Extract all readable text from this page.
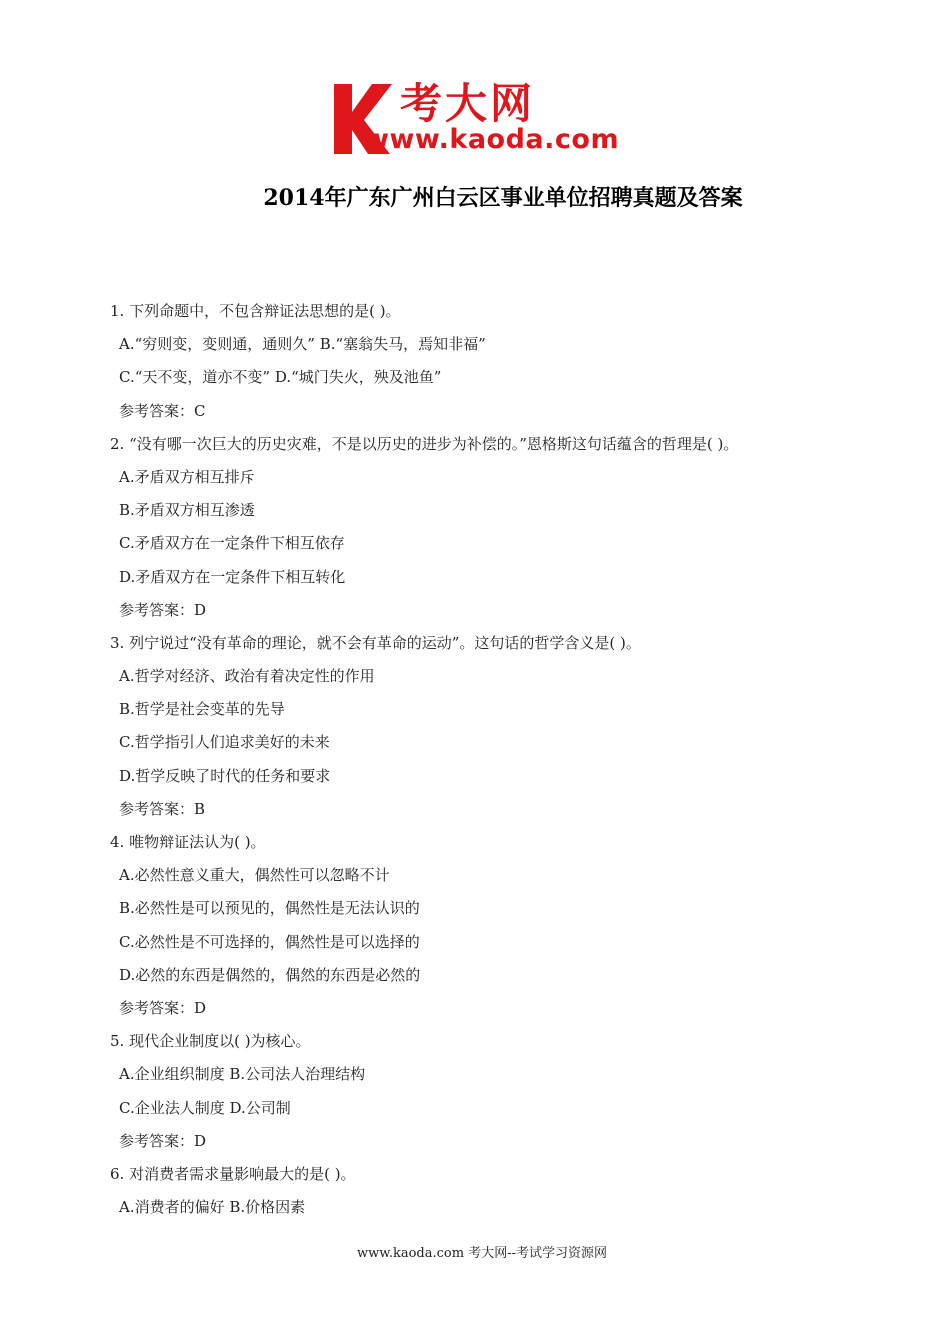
考大网
www.kaoda.com
2014年广东广州白云区事业单位招聘真题及答案
1. 下列命题中，不包含辩证法思想的是( )。
A.“穷则变，变则通，通则久” B.“塞翁失马，焉知非福”
C.“天不变，道亦不变” D.“城门失火，殃及池鱼”
参考答案：C
2. “没有哪一次巨大的历史灾难，不是以历史的进步为补偿的。”恩格斯这句话蕴含的哲理是( )。
A.矛盾双方相互排斥
B.矛盾双方相互渗透
C.矛盾双方在一定条件下相互依存
D.矛盾双方在一定条件下相互转化
参考答案：D
3. 列宁说过“没有革命的理论，就不会有革命的运动”。这句话的哲学含义是( )。
A.哲学对经济、政治有着决定性的作用
B.哲学是社会变革的先导
C.哲学指引人们追求美好的未来
D.哲学反映了时代的任务和要求
参考答案：B
4. 唯物辩证法认为( )。
A.必然性意义重大，偶然性可以忽略不计
B.必然性是可以预见的，偶然性是无法认识的
C.必然性是不可选择的，偶然性是可以选择的
D.必然的东西是偶然的，偶然的东西是必然的
参考答案：D
5. 现代企业制度以( )为核心。
A.企业组织制度 B.公司法人治理结构
C.企业法人制度 D.公司制
参考答案：D
6. 对消费者需求量影响最大的是( )。
A.消费者的偏好 B.价格因素
www.kaoda.com 考大网--考试学习资源网
